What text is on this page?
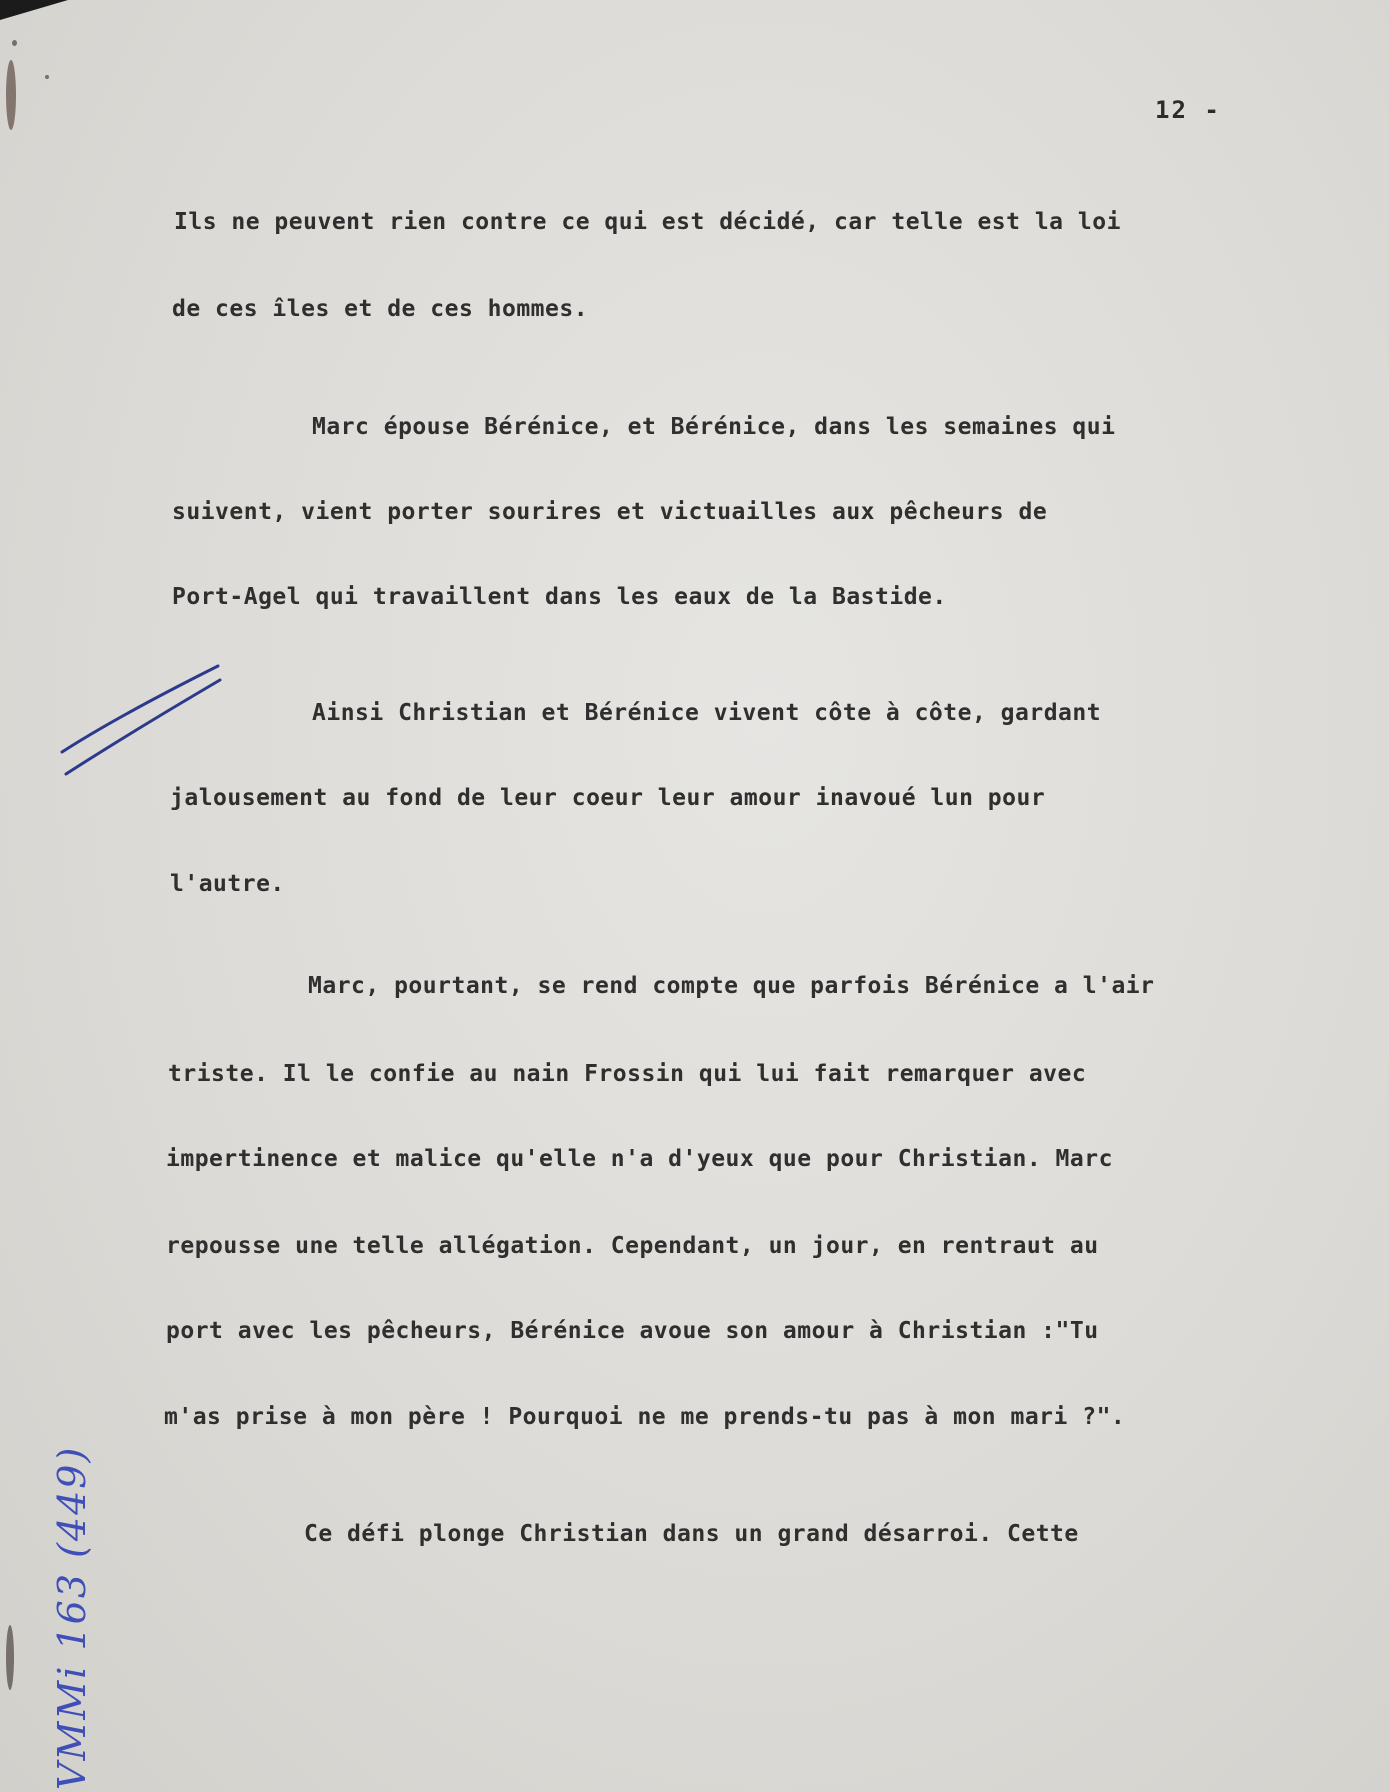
12 -
Ils ne peuvent rien contre ce qui est décidé, car telle est la loi
de ces îles et de ces hommes.
Marc épouse Bérénice, et Bérénice, dans les semaines qui
suivent, vient porter sourires et victuailles aux pêcheurs de
Port-Agel qui travaillent dans les eaux de la Bastide.
Ainsi Christian et Bérénice vivent côte à côte, gardant
jalousement au fond de leur coeur leur amour inavoué lun pour
l'autre.
Marc, pourtant, se rend compte que parfois Bérénice a l'air
triste. Il le confie au nain Frossin qui lui fait remarquer avec
impertinence et malice qu'elle n'a d'yeux que pour Christian. Marc
repousse une telle allégation. Cependant, un jour, en rentraut au
port avec les pêcheurs, Bérénice avoue son amour à Christian :"Tu
m'as prise à mon père ! Pourquoi ne me prends-tu pas à mon mari ?".
Ce défi plonge Christian dans un grand désarroi. Cette
VMMi 163 (449)
